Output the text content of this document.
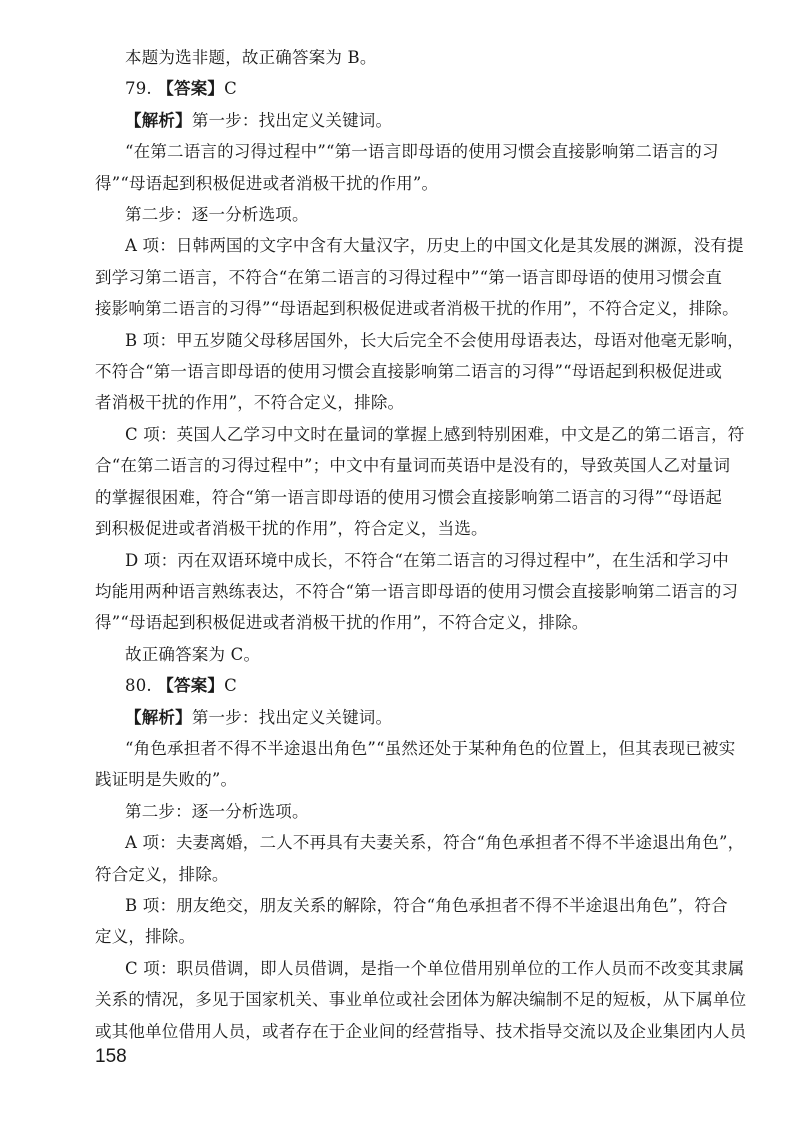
本题为选非题，故正确答案为 B。
79. 【答案】C
【解析】第一步：找出定义关键词。
“在第二语言的习得过程中”“第一语言即母语的使用习惯会直接影响第二语言的习
得”“母语起到积极促进或者消极干扰的作用”。
第二步：逐一分析选项。
A 项：日韩两国的文字中含有大量汉字，历史上的中国文化是其发展的渊源，没有提
到学习第二语言，不符合“在第二语言的习得过程中”“第一语言即母语的使用习惯会直
接影响第二语言的习得”“母语起到积极促进或者消极干扰的作用”，不符合定义，排除。
B 项：甲五岁随父母移居国外，长大后完全不会使用母语表达，母语对他毫无影响，
不符合“第一语言即母语的使用习惯会直接影响第二语言的习得”“母语起到积极促进或
者消极干扰的作用”，不符合定义，排除。
C 项：英国人乙学习中文时在量词的掌握上感到特别困难，中文是乙的第二语言，符
合“在第二语言的习得过程中”；中文中有量词而英语中是没有的，导致英国人乙对量词
的掌握很困难，符合“第一语言即母语的使用习惯会直接影响第二语言的习得”“母语起
到积极促进或者消极干扰的作用”，符合定义，当选。
D 项：丙在双语环境中成长，不符合“在第二语言的习得过程中”，在生活和学习中
均能用两种语言熟练表达，不符合“第一语言即母语的使用习惯会直接影响第二语言的习
得”“母语起到积极促进或者消极干扰的作用”，不符合定义，排除。
故正确答案为 C。
80. 【答案】C
【解析】第一步：找出定义关键词。
“角色承担者不得不半途退出角色”“虽然还处于某种角色的位置上，但其表现已被实
践证明是失败的”。
第二步：逐一分析选项。
A 项：夫妻离婚，二人不再具有夫妻关系，符合“角色承担者不得不半途退出角色”，
符合定义，排除。
B 项：朋友绝交，朋友关系的解除，符合“角色承担者不得不半途退出角色”，符合
定义，排除。
C 项：职员借调，即人员借调，是指一个单位借用别单位的工作人员而不改变其隶属
关系的情况，多见于国家机关、事业单位或社会团体为解决编制不足的短板，从下属单位
或其他单位借用人员，或者存在于企业间的经营指导、技术指导交流以及企业集团内人员
158
